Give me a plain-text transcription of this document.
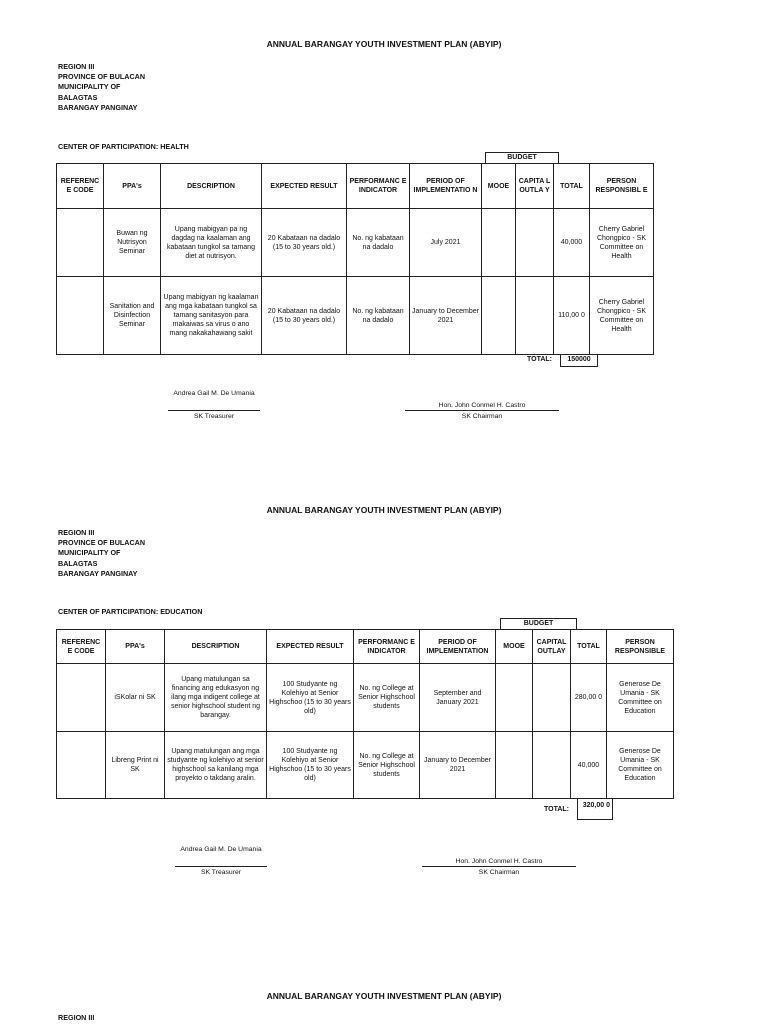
ANNUAL BARANGAY YOUTH INVESTMENT PLAN (ABYIP)
REGION III
PROVINCE OF BULACAN
MUNICIPALITY OF
BALAGTAS
BARANGAY PANGINAY
CENTER OF PARTICIPATION: HEALTH
BUDGET
REFERENC E CODE	PPA's	DESCRIPTION	EXPECTED RESULT	PERFORMANC E INDICATOR	PERIOD OF IMPLEMENTATIO N	MOOE	CAPITA L OUTLA Y	TOTAL	PERSON RESPONSIBL E
	Buwan ng Nutrisyon Seminar	Upang mabigyan pa ng dagdag na kaalaman ang kabataan tungkol sa tamang diet at nutrisyon.	20 Kabataan na dadalo (15 to 30 years old.)	No. ng kabataan na dadalo	July 2021			40,000	Cherry Gabriel Chongpico - SK Committee on Health
	Sanitation and Disinfection Seminar	Upang mabigyan ng kaalaman ang mga kabataan tungkol sa tamang sanitasyon para makaiwas sa virus o ano mang nakakahawang sakit	20 Kabataan na dadalo (15 to 30 years old.)	No. ng kabataan na dadalo	January to December 2021			110,00 0	Cherry Gabriel Chongpico - SK Committee on Health
TOTAL:	150000
Andrea Gail M. De Umania
SK Treasurer
Hon. John Conmel H. Castro
SK Chairman
ANNUAL BARANGAY YOUTH INVESTMENT PLAN (ABYIP)
REGION III
PROVINCE OF BULACAN
MUNICIPALITY OF
BALAGTAS
BARANGAY PANGINAY
CENTER OF PARTICIPATION: EDUCATION
BUDGET
REFERENC E CODE	PPA's	DESCRIPTION	EXPECTED RESULT	PERFORMANC E INDICATOR	PERIOD OF IMPLEMENTATION	MOOE	CAPITAL OUTLAY	TOTAL	PERSON RESPONSIBLE
	iSKolar ni SK	Upang matulungan sa financing ang edukasyon ng ilang mga indigent college at senior highschool student ng barangay.	100 Studyante ng Kolehiyo at Senior Highschoo (15 to 30 years old)	No. ng College at Senior Highschool students	September and January 2021			280,00 0	Generose De Umania - SK Committee on Education
	Libreng Print ni SK	Upang matulungan ang mga studyante ng kolehiyo at senior highschool sa kanilang mga proyekto o takdang aralin.	100 Studyante ng Kolehiyo at Senior Highschoo (15 to 30 years old)	No. ng College at Senior Highschool students	January to December 2021			40,000	Generose De Umania - SK Committee on Education
TOTAL:
320,00 0
Andrea Gail M. De Umania
SK Treasurer
Hon. John Conmel H. Castro
SK Chairman
ANNUAL BARANGAY YOUTH INVESTMENT PLAN (ABYIP)
REGION III
